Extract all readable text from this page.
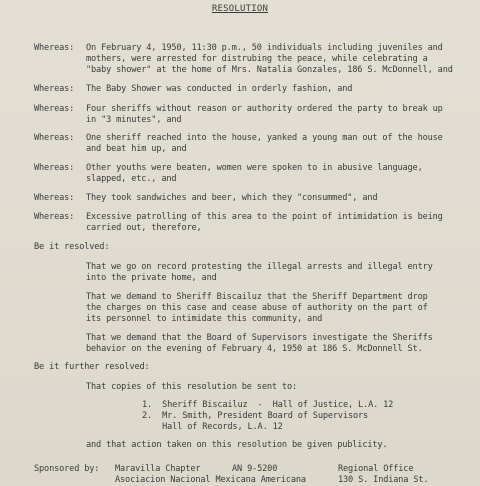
RESOLUTION
Whereas: On February 4, 1950, 11:30 p.m., 50 individuals including juveniles and
mothers, were arrested for distrubing the peace, while celebrating a
"baby shower" at the home of Mrs. Natalia Gonzales, 186 S. McDonnell, and
Whereas: The Baby Shower was conducted in orderly fashion, and
Whereas: Four sheriffs without reason or authority ordered the party to break up
in "3 minutes", and
Whereas: One sheriff reached into the house, yanked a young man out of the house
and beat him up, and
Whereas: Other youths were beaten, women were spoken to in abusive language,
slapped, etc., and
Whereas: They took sandwiches and beer, which they "consummed", and
Whereas: Excessive patrolling of this area to the point of intimidation is being
carried out, therefore,
Be it resolved:
That we go on record protesting the illegal arrests and illegal entry
into the private home, and
That we demand to Sheriff Biscailuz that the Sheriff Department drop
the charges on this case and cease abuse of authority on the part of
its personnel to intimidate this community, and
That we demand that the Board of Supervisors investigate the Sheriffs
behavior on the evening of February 4, 1950 at 186 S. McDonnell St.
Be it further resolved:
That copies of this resolution be sent to:
1.  Sheriff Biscailuz  -  Hall of Justice, L.A. 12
2.  Mr. Smith, President Board of Supervisors
Hall of Records, L.A. 12
and that action taken on this resolution be given publicity.
Sponsored by: Maravilla Chapter	AN 9-5200
Asociacion Nacional Mexicana Americana
Regional Office
130 S. Indiana St.
